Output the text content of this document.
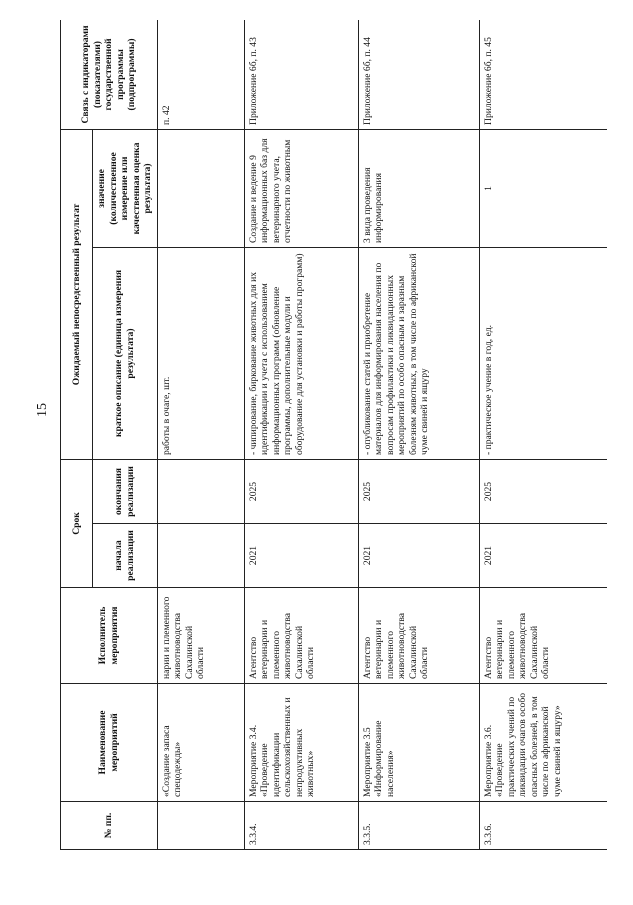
15
№ пп.	Наименование мероприятий	Исполнитель мероприятия	Срок		Ожидаемый непосредственный результат		Связь с индикаторами (показателями) государственной программы (подпрограммы)
			начала реализации	окончания реализации	краткое описание (единица измерения результата)	значение (количественное измерение или качественная оценка результата)	
	«Создание запаса спецодежды»	нарии и племенного животноводства Сахалинской области			работы в очаге, шт.		п. 42
3.3.4.	Мероприятие 3.4. «Проведение идентификации сельскохозяйственных и непродуктивных животных»	Агентство ветеринарии и племенного животноводства Сахалинской области	2021	2025	- чипирование, биркование животных для их идентификации и учета с использованием информационных программ (обновление программы, дополнительные модули и оборудование для установки и работы программ)	Создание и ведение 9 информационных баз для ветеринарного учета, отчетности по животным	Приложение 6б, п. 43
3.3.5.	Мероприятие 3.5 «Информирование населения»	Агентство ветеринарии и племенного животноводства Сахалинской области	2021	2025	- опубликование статей и приобретение материалов для информирования населения по вопросам профилактики и ликвидационных мероприятий по особо опасным и заразным болезням животных, в том числе по африканской чуме свиней и ящуру	3 вида проведения информирования	Приложение 6б, п. 44
3.3.6.	Мероприятие 3.6. «Проведение практических учений по ликвидации очагов особо опасных болезней, в том числе по африканской чуме свиней и ящуру»	Агентство ветеринарии и племенного животноводства Сахалинской области	2021	2025	- практическое учение в год, ед.	1	Приложение 6б, п. 45
